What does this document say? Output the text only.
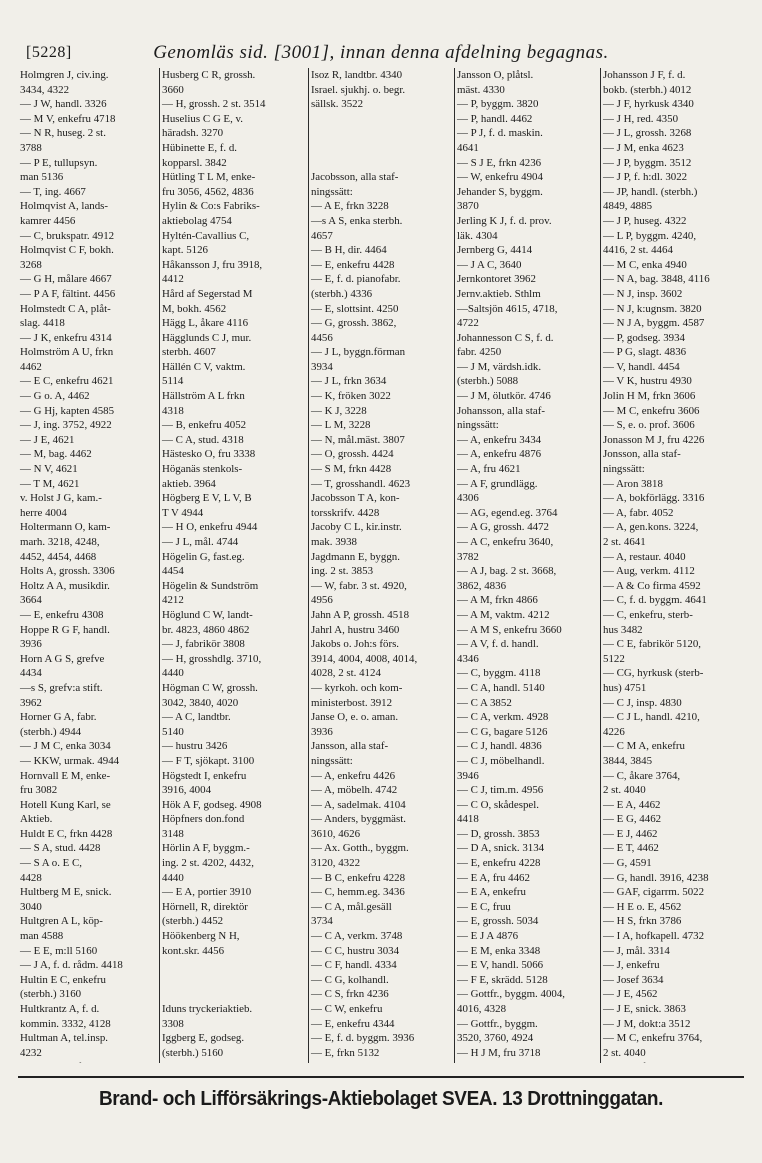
[5228]	Genomläs sid. [3001], innan denna afdelning begagnas.
Holmgren J, civ.ing.
3434, 4322
— J W, handl. 3326
— M V, enkefru 4718
— N R, huseg. 2 st.
3788
— P E, tullupsyn.
man 5136
— T, ing. 4667
Holmqvist A, lands-
kamrer 4456
— C, brukspatr. 4912
Holmqvist C F, bokh.
3268
— G H, målare 4667
— P A F, fältint. 4456
Holmstedt C A, plåt-
slag. 4418
— J K, enkefru 4314
Holmström A U, frkn
4462
— E C, enkefru 4621
— G o. A, 4462
— G Hj, kapten 4585
— J, ing. 3752, 4922
— J E, 4621
— M, bag. 4462
— N V, 4621
— T M, 4621
v. Holst J G, kam.-
herre 4004
Holtermann O, kam-
marh. 3218, 4248,
4452, 4454, 4468
Holts A, grossh. 3306
Holtz A A, musikdir.
3664
— E, enkefru 4308
Hoppe R G F, handl.
3936
Horn A G S, grefve
4434
—s S, grefv:a stift.
3962
Horner G A, fabr.
(sterbh.) 4944
— J M C, enka 3034
— KKW, urmak. 4944
Hornvall E M, enke-
fru 3082
Hotell Kung Karl, se
Aktieb.
Huldt E C, frkn 4428
— S A, stud. 4428
— S A o. E C,
4428
Hultberg M E, snick.
3040
Hultgren A L, köp-
man 4588
— E E, m:ll 5160
— J A, f. d. rådm. 4418
Hultin E C, enkefru
(sterbh.) 3160
Hultkrantz A, f. d.
kommin. 3332, 4128
Hultman A, tel.insp.
4232
Husberg C R, grossh.
3660
— H, grossh. 2 st. 3514
Huselius C G E, v.
häradsh. 3270
Hübinette E, f. d.
kopparsl. 3842
Hütling T L M, enke-
fru 3056, 4562, 4836
Hylin & Co:s Fabriks-
aktiebolag 4754
Hyltén-Cavallius C,
kapt. 5126
Håkansson J, fru 3918,
4412
Hård af Segerstad M
M, bokh. 4562
Hägg L, åkare 4116
Hägglunds C J, mur.
sterbh. 4607
Hällén C V, vaktm.
5114
Hällström A L frkn
4318
— B, enkefru 4052
— C A, stud. 4318
Hästesko O, fru 3338
Höganäs stenkols-
aktieb. 3964
Högberg E V, L V, B
T V 4944
— H O, enkefru 4944
— J L, mål. 4744
Högelin G, fast.eg.
4454
Högelin & Sundström
4212
Höglund C W, landt-
br. 4823, 4860 4862
— J, fabrikör 3808
— H, grosshdlg. 3710,
4440
Högman C W, grossh.
3042, 3840, 4020
— A C, landtbr.
5140
— hustru 3426
— F T, sjökapt. 3100
Högstedt I, enkefru
3916, 4004
Hök A F, godseg. 4908
Höpfners don.fond
3148
Hörlin A F, byggm.-
ing. 2 st. 4202, 4432,
4440
— E A, portier 3910
Hörnell, R, direktör
(sterbh.) 4452
Höökenberg N H,
kont.skr. 4456

Iduns tryckeriaktieb.
3308
Iggberg E, godseg.
(sterbh.) 5160
Isoz R, landtbr. 4340
Israel. sjukhj. o. begr.
sällsk. 3522

Jacobsson, alla staf-
ningssätt:
— A E, frkn 3228
—s A S, enka sterbh.
4657
— B H, dir. 4464
— E, enkefru 4428
— E, f. d. pianofabr.
(sterbh.) 4336
— E, slottsint. 4250
— G, grossh. 3862,
4456
— J L, byggn.förman
3934
— J L, frkn 3634
— K, fröken 3022
— K J, 3228
— L M, 3228
— N, mål.mäst. 3807
— O, grossh. 4424
— S M, frkn 4428
— T, grosshandl. 4623
Jacobsson T A, kon-
torsskrifv. 4428
Jacoby C L, kir.instr.
mak. 3938
Jagdmann E, byggn.
ing. 2 st. 3853
— W, fabr. 3 st. 4920,
4956
Jahn A P, grossh. 4518
Jahrl A, hustru 3460
Jakobs o. Joh:s förs.
3914, 4004, 4008, 4014,
4028, 2 st. 4124
— kyrkoh. och kom-
ministerbost. 3912
Janse O, e. o. aman.
3936
Jansson, alla staf-
ningssätt:
— A, enkefru 4426
— A, möbelh. 4742
— A, sadelmak. 4104
— Anders, byggmäst.
3610, 4626
— Ax. Gotth., byggm.
3120, 4322
— B C, enkefru 4228
— C, hemm.eg. 3436
— C A, mål.gesäll
3734
— C A, verkm. 3748
— C C, hustru 3034
— C F, handl. 4334
— C G, kolhandl.
— C S, frkn 4236
— C W, enkefru
— E, enkefru 4344
— E, f. d. byggm. 3936
— E, frkn 5132
Jansson O, plåtsl.
mäst. 4330
— P, byggm. 3820
— P, handl. 4462
— P J, f. d. maskin.
4641
— S J E, frkn 4236
— W, enkefru 4904
Jehander S, byggm.
3870
Jerling K J, f. d. prov.
läk. 4304
Jernberg G, 4414
— J A C, 3640
Jernkontoret 3962
Jernv.aktieb. Sthlm
—Saltsjön 4615, 4718,
4722
Johannesson C S, f. d.
fabr. 4250
— J M, värdsh.idk.
(sterbh.) 5088
— J M, ölutkör. 4746
Johansson, alla staf-
ningssätt:
— A, enkefru 3434
— A, enkefru 4876
— A, fru 4621
— A F, grundlägg.
4306
— AG, egend.eg. 3764
— A G, grossh. 4472
— A C, enkefru 3640,
3782
— A J, bag. 2 st. 3668,
3862, 4836
— A M, frkn 4866
— A M, vaktm. 4212
— A M S, enkefru 3660
— A V, f. d. handl.
4346
— C, byggm. 4118
— C A, handl. 5140
— C A 3852
— C A, verkm. 4928
— C G, bagare 5126
— C J, handl. 4836
— C J, möbelhandl.
3946
— C J, tim.m. 4956
— C O, skådespel.
4418
— D, grossh. 3853
— D A, snick. 3134
— E, enkefru 4228
— E A, fru 4462
— E A, enkefru
— E C, fruu
— E, grossh. 5034
— E J A 4876
— E M, enka 3348
— E V, handl. 5066
— F E, skrädd. 5128
— Gottfr., byggm. 4004,
4016, 4328
— Gottfr., byggm.
3520, 3760, 4924
— H J M, fru 3718
Johansson J F, f. d.
bokb. (sterbh.) 4012
— J F, hyrkusk 4340
— J H, red. 4350
— J L, grossh. 3268
— J M, enka 4623
— J P, byggm. 3512
— J P, f. h:dl. 3022
— JP, handl. (sterbh.)
4849, 4885
— J P, huseg. 4322
— L P, byggm. 4240,
4416, 2 st. 4464
— M C, enka 4940
— N A, bag. 3848, 4116
— N J, insp. 3602
— N J, k:ugnsm. 3820
— N J A, byggm. 4587
— P, godseg. 3934
— P G, slagt. 4836
— V, handl. 4454
— V K, hustru 4930
Jolin H M, frkn 3606
— M C, enkefru 3606
— S, e. o. prof. 3606
Jonasson M J, fru 4226
Jonsson, alla staf-
ningssätt:
— Aron 3818
— A, bokförlägg. 3316
— A, fabr. 4052
— A, gen.kons. 3224,
2 st. 4641
— A, restaur. 4040
— Aug, verkm. 4112
— A & Co firma 4592
— C, f. d. byggm. 4641
— C, enkefru, sterb-
hus 3482
— C E, fabrikör 5120,
5122
— CG, hyrkusk (sterb-
hus) 4751
— C J, insp. 4830
— C J L, handl. 4210,
4226
— C M A, enkefru
3844, 3845
— C, åkare 3764,
2 st. 4040
— E A, 4462
— E G, 4462
— E J, 4462
— E T, 4462
— G, 4591
— G, handl. 3916, 4238
— GAF, cigarrm. 5022
— H E o. E, 4562
— H S, frkn 3786
— I A, hofkapell. 4732
— J, mål. 3314
— J, enkefru
— Josef 3634
— J E, 4562
— J E, snick. 3863
— J M, dokt:a 3512
— M C, enkefru 3764,
2 st. 4040
Brand- och Lifförsäkrings-Aktiebolaget SVEA. 13 Drottninggatan.
